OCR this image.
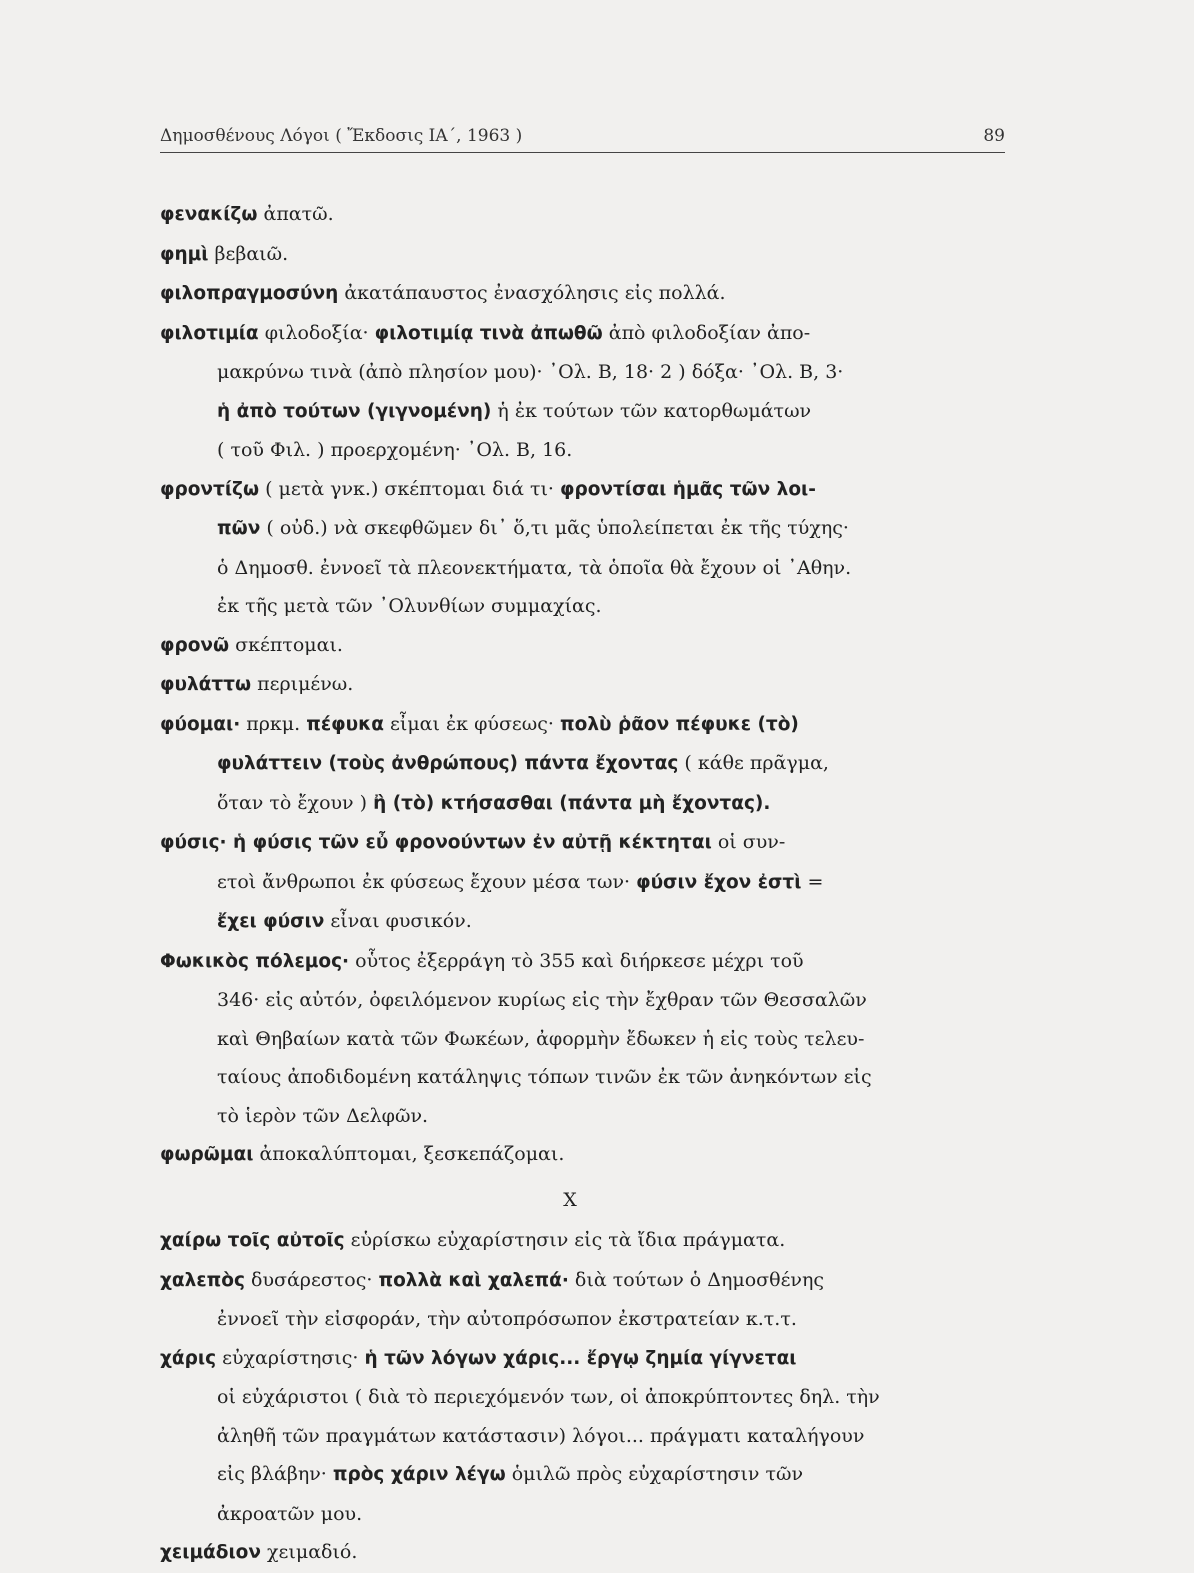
Δημοσθένους Λόγοι ( Ἔκδοσις ΙΑ΄, 1963 )	89
φενακίζω ἀπατῶ.
φημὶ βεβαιῶ.
φιλοπραγμοσύνη ἀκατάπαυστος ἐνασχόλησις εἰς πολλά.
φιλοτιμία φιλοδοξία· φιλοτιμίᾳ τινὰ ἀπωθῶ ἀπὸ φιλοδοξίαν ἀπο-
μακρύνω τινὰ (ἀπὸ πλησίον μου)· ᾿Ολ. Β, 18· 2 ) δόξα· ᾿Ολ. Β, 3·
ἡ ἀπὸ τούτων (γιγνομένη) ἡ ἐκ τούτων τῶν κατορθωμάτων
( τοῦ Φιλ. ) προερχομένη· ᾿Ολ. Β, 16.
φροντίζω ( μετὰ γνκ.) σκέπτομαι διά τι· φροντίσαι ἡμᾶς τῶν λοι-
πῶν ( οὐδ.) νὰ σκεφθῶμεν δι᾿ ὅ,τι μᾶς ὑπολείπεται ἐκ τῆς τύχης·
ὁ Δημοσθ. ἐννοεῖ τὰ πλεονεκτήματα, τὰ ὁποῖα θὰ ἔχουν οἱ ᾿Αθην.
ἐκ τῆς μετὰ τῶν ᾿Ολυνθίων συμμαχίας.
φρονῶ σκέπτομαι.
φυλάττω περιμένω.
φύομαι· πρκμ. πέφυκα εἶμαι ἐκ φύσεως· πολὺ ῥᾶον πέφυκε (τὸ)
φυλάττειν (τοὺς ἀνθρώπους) πάντα ἔχοντας ( κάθε πρᾶγμα,
ὅταν τὸ ἔχουν ) ἢ (τὸ) κτήσασθαι (πάντα μὴ ἔχοντας).
φύσις· ἡ φύσις τῶν εὖ φρονούντων ἐν αὐτῇ κέκτηται οἱ συν-
ετοὶ ἄνθρωποι ἐκ φύσεως ἔχουν μέσα των· φύσιν ἔχον ἐστὶ =
ἔχει φύσιν εἶναι φυσικόν.
Φωκικὸς πόλεμος· οὗτος ἐξερράγη τὸ 355 καὶ διήρκεσε μέχρι τοῦ
346· εἰς αὐτόν, ὀφειλόμενον κυρίως εἰς τὴν ἔχθραν τῶν Θεσσαλῶν
καὶ Θηβαίων κατὰ τῶν Φωκέων, ἀφορμὴν ἔδωκεν ἡ εἰς τοὺς τελευ-
ταίους ἀποδιδομένη κατάληψις τόπων τινῶν ἐκ τῶν ἀνηκόντων εἰς
τὸ ἱερὸν τῶν Δελφῶν.
φωρῶμαι ἀποκαλύπτομαι, ξεσκεπάζομαι.
Χ
χαίρω τοῖς αὐτοῖς εὑρίσκω εὐχαρίστησιν εἰς τὰ ἴδια πράγματα.
χαλεπὸς δυσάρεστος· πολλὰ καὶ χαλεπά· διὰ τούτων ὁ Δημοσθένης
ἐννοεῖ τὴν εἰσφοράν, τὴν αὐτοπρόσωπον ἐκστρατείαν κ.τ.τ.
χάρις εὐχαρίστησις· ἡ τῶν λόγων χάρις... ἔργῳ ζημία γίγνεται
οἱ εὐχάριστοι ( διὰ τὸ περιεχόμενόν των, οἱ ἀποκρύπτοντες δηλ. τὴν
ἀληθῆ τῶν πραγμάτων κατάστασιν) λόγοι... πράγματι καταλήγουν
εἰς βλάβην· πρὸς χάριν λέγω ὁμιλῶ πρὸς εὐχαρίστησιν τῶν
ἀκροατῶν μου.
χειμάδιον χειμαδιό.
